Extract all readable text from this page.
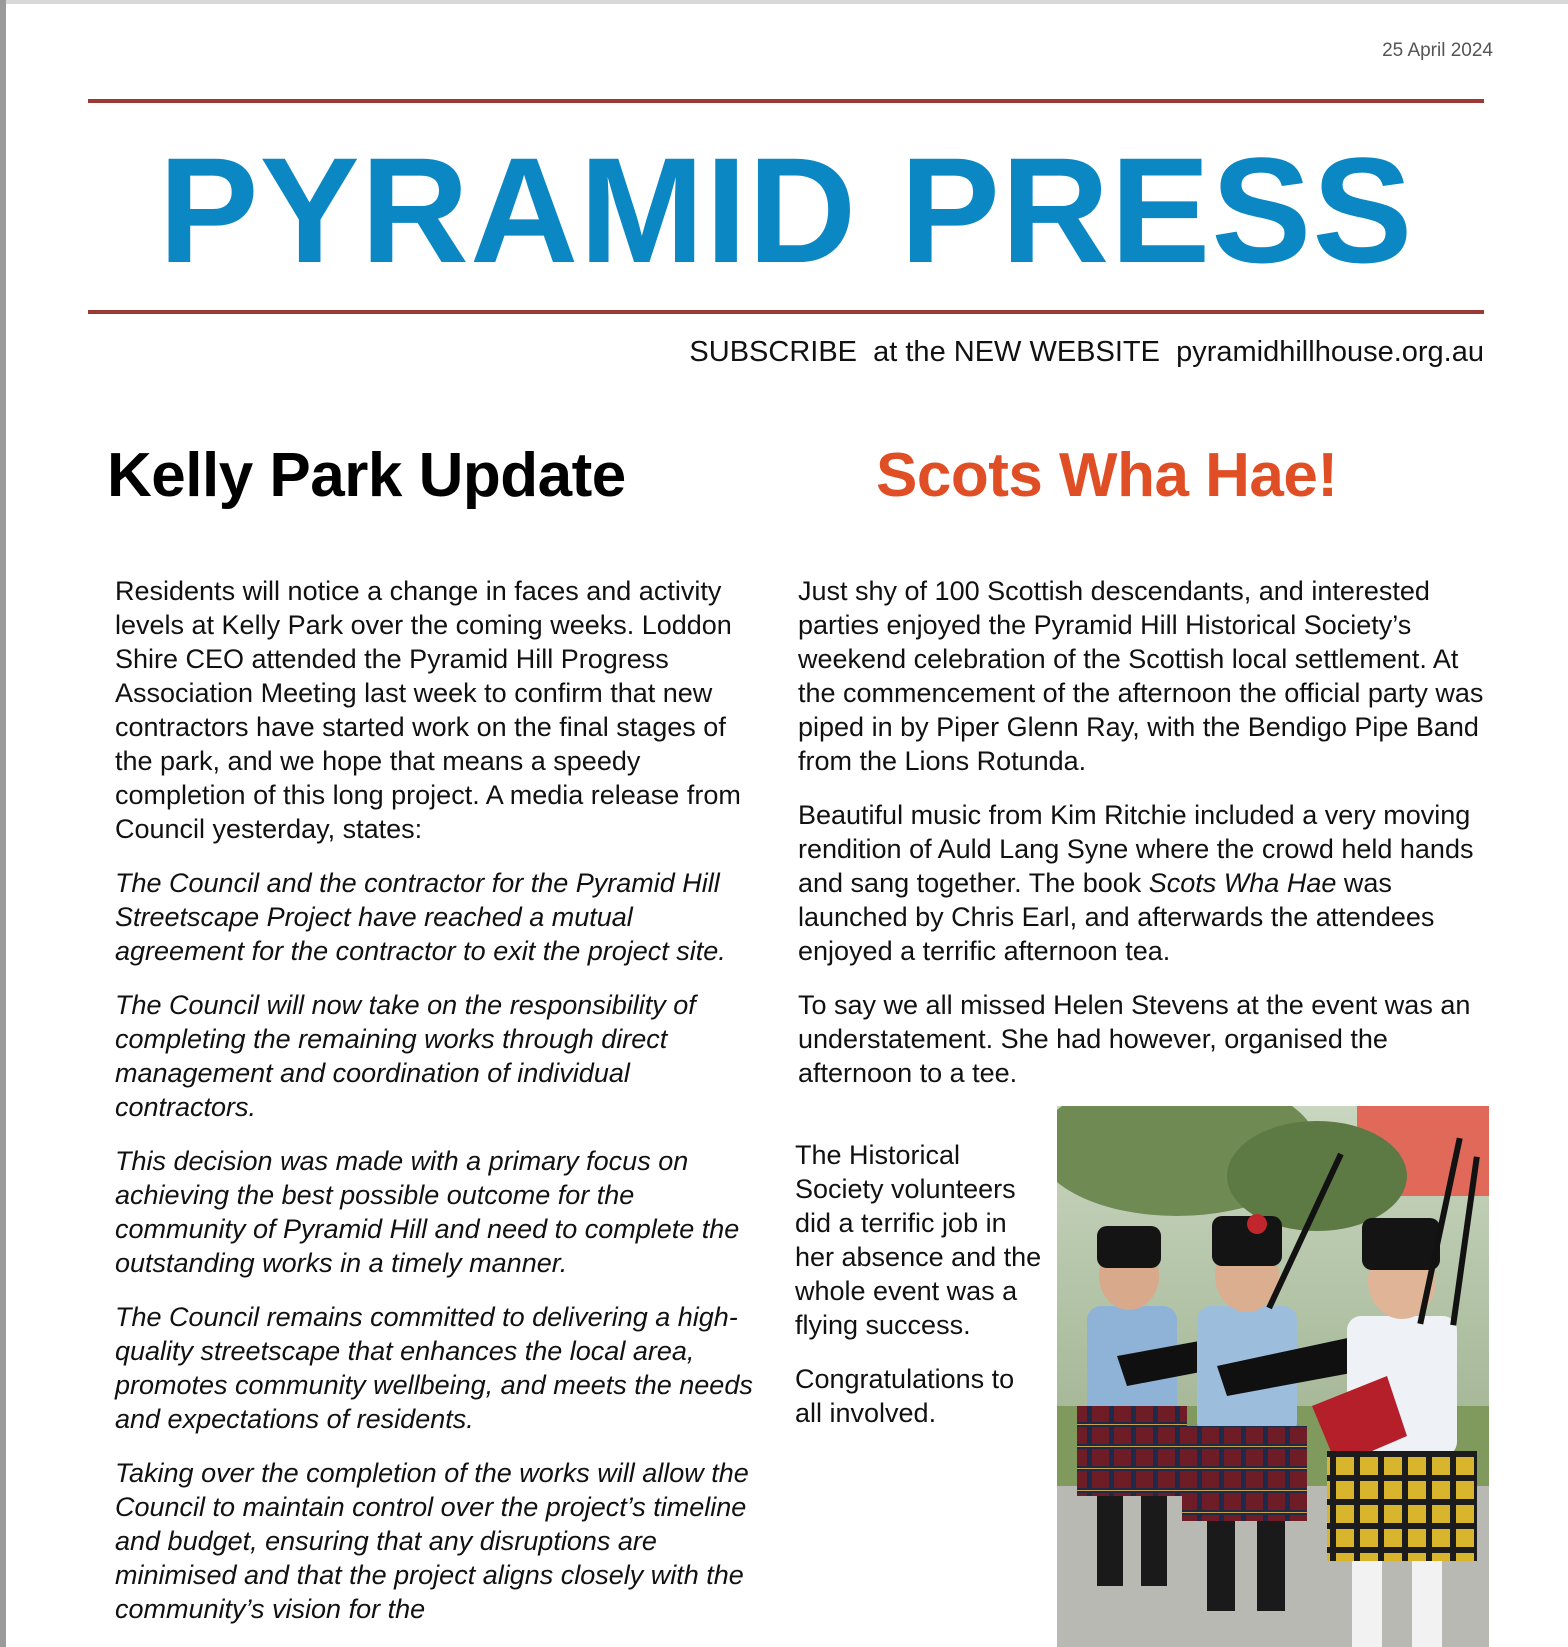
25 April 2024
PYRAMID PRESS
SUBSCRIBE  at the NEW WEBSITE  pyramidhillhouse.org.au
Kelly Park Update	Scots Wha Hae!

Residents will notice a change in faces and activity levels at Kelly Park over the coming weeks. Loddon Shire CEO attended the Pyramid Hill Progress Association Meeting last week to confirm that new contractors have started work on the final stages of the park, and we hope that means a speedy completion of this long project. A media release from Council yesterday, states:

The Council and the contractor for the Pyramid Hill Streetscape Project have reached a mutual agreement for the contractor to exit the project site.

The Council will now take on the responsibility of completing the remaining works through direct management and coordination of individual contractors.

This decision was made with a primary focus on achieving the best possible outcome for the community of Pyramid Hill and need to complete the outstanding works in a timely manner.

The Council remains committed to delivering a high-quality streetscape that enhances the local area, promotes community wellbeing, and meets the needs and expectations of residents.

Taking over the completion of the works will allow the Council to maintain control over the project’s timeline and budget, ensuring that any disruptions are minimised and that the project aligns closely with the community’s vision for the

Just shy of 100 Scottish descendants, and interested parties enjoyed the Pyramid Hill Historical Society’s weekend celebration of the Scottish local settlement. At the commencement of the afternoon the official party was piped in by Piper Glenn Ray, with the Bendigo Pipe Band from the Lions Rotunda.

Beautiful music from Kim Ritchie included a very moving rendition of Auld Lang Syne where the crowd held hands and sang together. The book Scots Wha Hae was launched by Chris Earl, and afterwards the attendees enjoyed a terrific afternoon tea.

To say we all missed Helen Stevens at the event was an understatement. She had however, organised the afternoon to a tee.

The Historical Society volunteers did a terrific job in her absence and the whole event was a flying success.

Congratulations to all involved.
